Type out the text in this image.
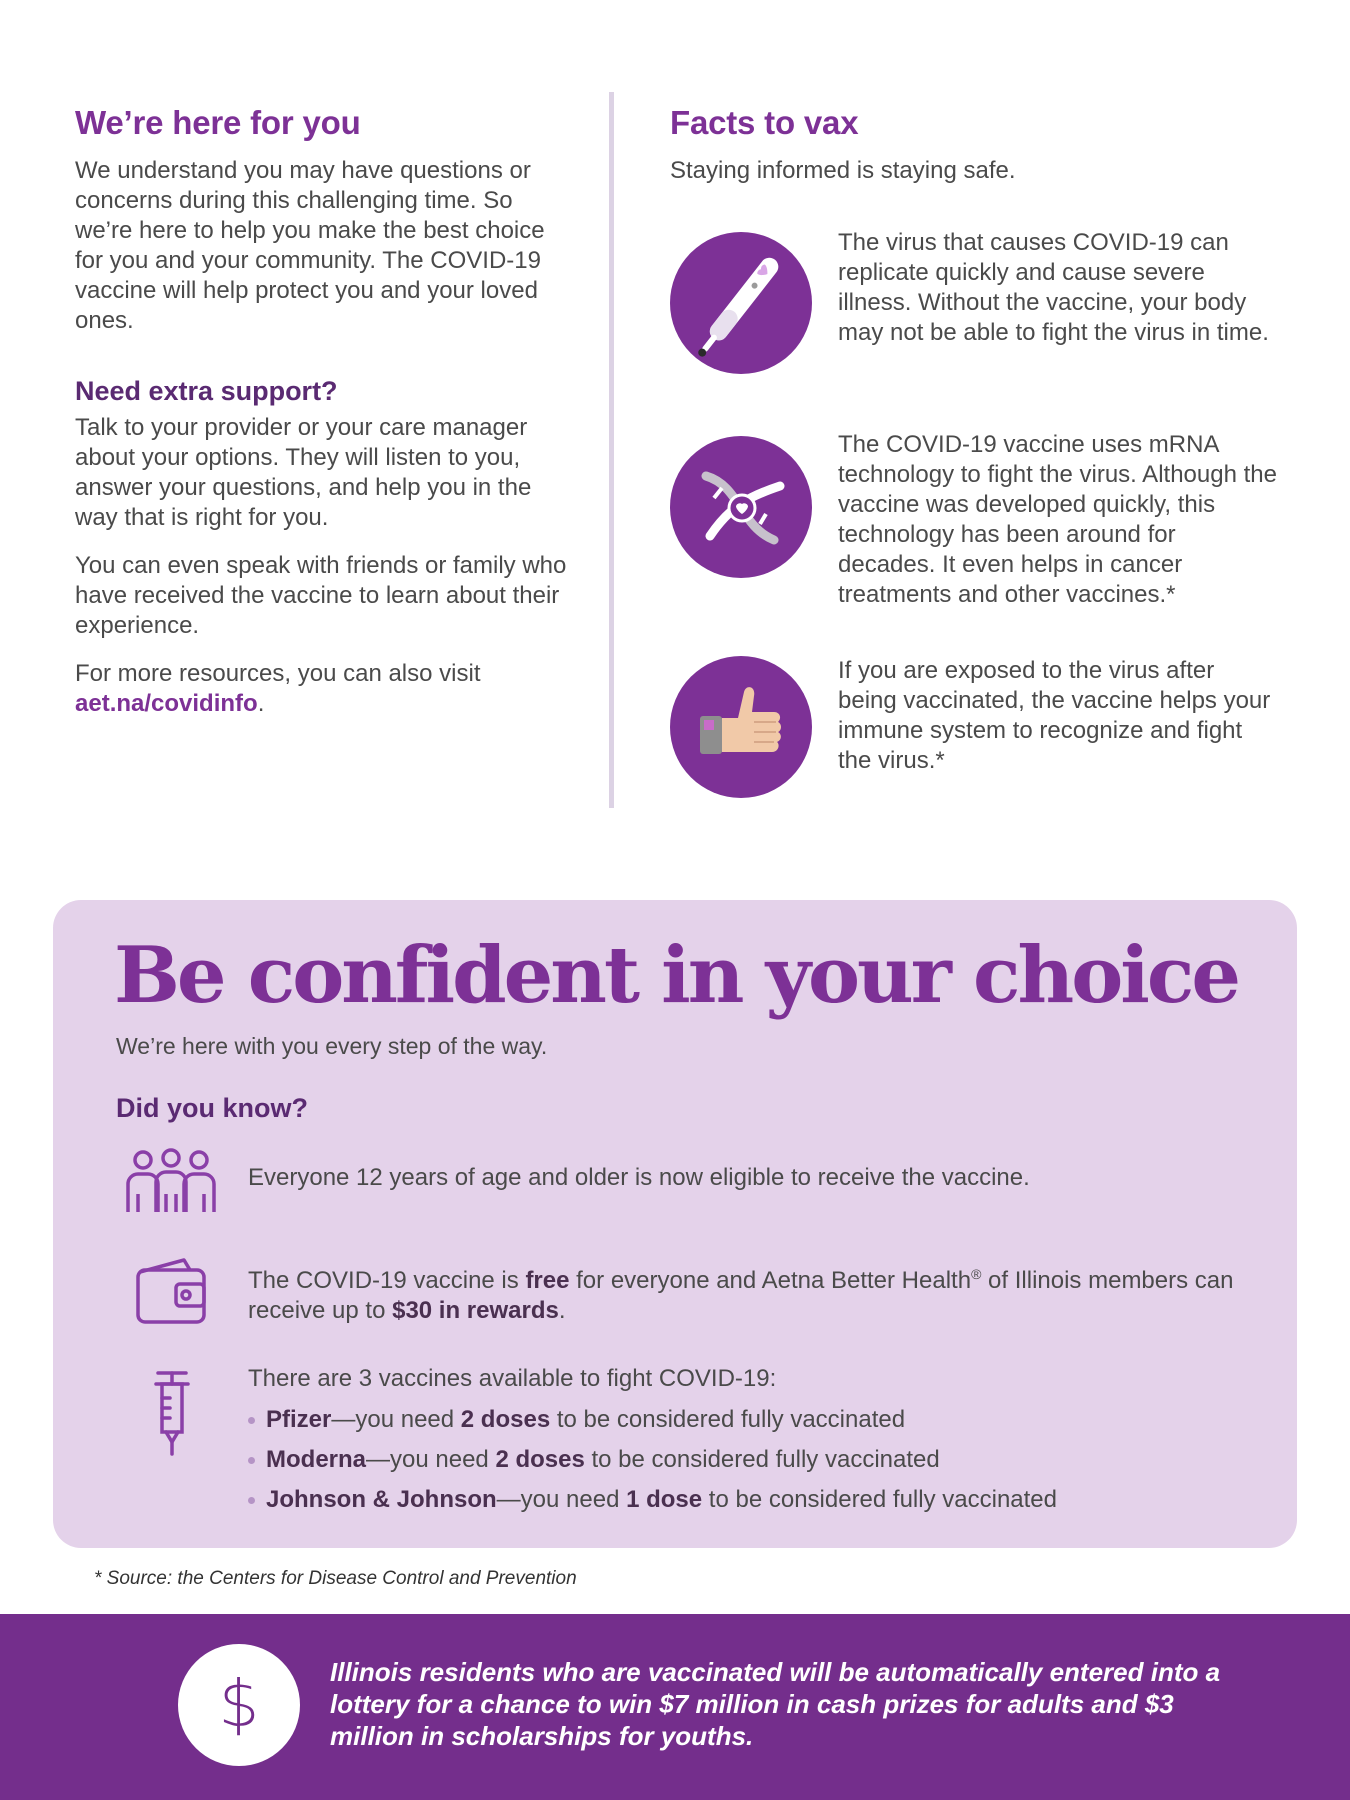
We’re here for you

We understand you may have questions or concerns during this challenging time. So we’re here to help you make the best choice for you and your community. The COVID-19 vaccine will help protect you and your loved ones.

Need extra support?

Talk to your provider or your care manager about your options. They will listen to you, answer your questions, and help you in the way that is right for you.

You can even speak with friends or family who have received the vaccine to learn about their experience.

For more resources, you can also visit aet.na/covidinfo.

Facts to vax

Staying informed is staying safe.

The virus that causes COVID-19 can replicate quickly and cause severe illness. Without the vaccine, your body may not be able to fight the virus in time.

The COVID-19 vaccine uses mRNA technology to fight the virus. Although the vaccine was developed quickly, this technology has been around for decades. It even helps in cancer treatments and other vaccines.*

If you are exposed to the virus after being vaccinated, the vaccine helps your immune system to recognize and fight the virus.*

Be confident in your choice

We’re here with you every step of the way.

Did you know?

Everyone 12 years of age and older is now eligible to receive the vaccine.

The COVID-19 vaccine is free for everyone and Aetna Better Health® of Illinois members can receive up to $30 in rewards.

There are 3 vaccines available to fight COVID-19:

Pfizer—you need 2 doses to be considered fully vaccinated
Moderna—you need 2 doses to be considered fully vaccinated
Johnson & Johnson—you need 1 dose to be considered fully vaccinated

* Source: the Centers for Disease Control and Prevention

$	Illinois residents who are vaccinated will be automatically entered into a lottery for a chance to win $7 million in cash prizes for adults and $3 million in scholarships for youths.
